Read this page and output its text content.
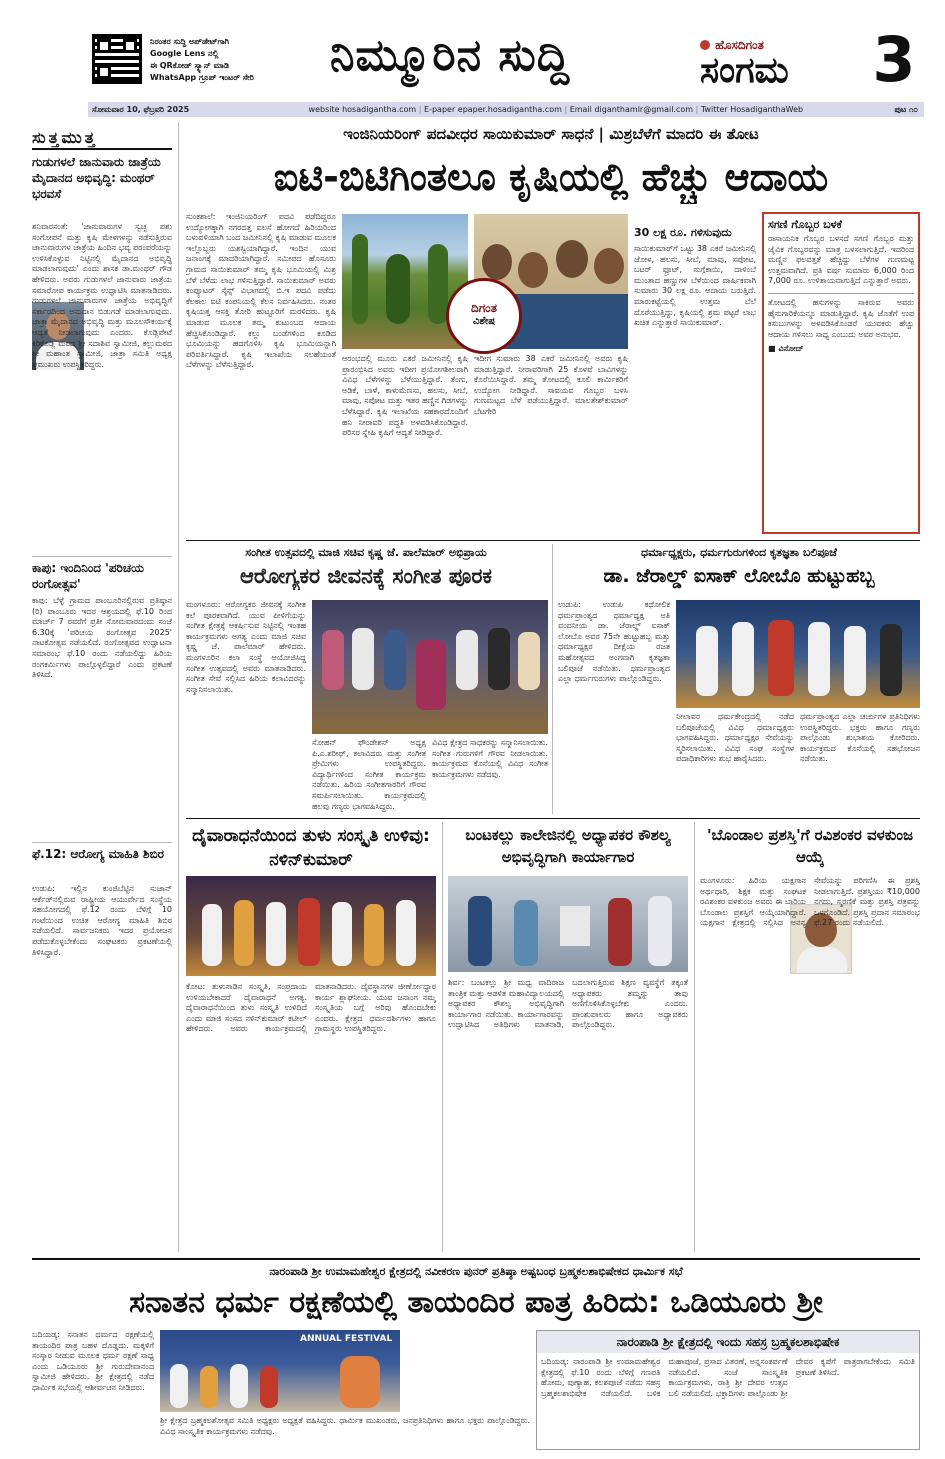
ನಿರಂತರ ಸುದ್ದಿ ಅಪ್‌ಡೇಟ್‌ಗಾಗಿ
Google Lens ನಲ್ಲಿ
ಈ QRಕೋಡ್ ಸ್ಕ್ಯಾನ್ ಮಾಡಿ
WhatsApp ಗ್ರೂಪ್ ಇಂಟರ್ ಸೇರಿ	ನಿಮ್ಮೂರಿನ ಸುದ್ದಿ	ಹೊಸದಿಗಂತ
ಸಂಗಮ 3
ಸೋಮವಾರ 10, ಫೆಬ್ರವರಿ 2025	website hosadigantha.com | E-paper epaper.hosadigantha.com | Email diganthamlr@gmail.com | Twitter HosadiganthaWeb	ಪುಟ ೧೦
ಸುತ್ತಮುತ್ತ
ಗುಡುಗಳಲೆ ಜಾನುವಾರು ಜಾತ್ರೆಯ ಮೈದಾನದ ಅಭಿವೃದ್ಧಿ: ಮಂಥರ್ ಭರವಸೆ
ಶನಿವಾರಸಂತೆ: 'ಜಾನುವಾರುಗಳ ಸ್ವಚ್ಛ ಪಶು ಸಂಗೋಪನೆ ಮತ್ತು ಕೃಷಿ ಮೇಳಗಳನ್ನು ನಡೆಸುತ್ತಿರುವ ಜಾನುವಾರುಗಳ ಜಾತ್ರೆಯ ಹಿಂದಿನ ಭವ್ಯ ಪರಂಪರೆಯನ್ನು ಉಳಿಸಿಕೊಳ್ಳುವ ನಿಟ್ಟಿನಲ್ಲಿ ಮೈದಾನದ ಅಭಿವೃದ್ಧಿ ಮಾಡಲಾಗುವುದು' ಎಂದು ಶಾಸಕ ಡಾ.ಮಂಥರ್ ಗೌಡ ಹೇಳಿದರು. ಅವರು ಗುಡುಗಳಲೆ ಜಾನುವಾರು ಜಾತ್ರೆಯ ಸಮಾರೋಪ ಕಾರ್ಯಕ್ರಮ ಉದ್ಘಾಟಿಸಿ ಮಾತನಾಡಿದರು. ಗುಡುಗಳಲೆ ಜಾನುವಾರುಗಳ ಜಾತ್ರೆಯ ಅಭಿವೃದ್ಧಿಗೆ ಸರ್ಕಾರದಿಂದ ಅನುದಾನ ಬಿಡುಗಡೆ ಮಾಡಲಾಗುವುದು. ಜಾತ್ರಾ ಮೈದಾನದ ಅಭಿವೃದ್ಧಿ ಮತ್ತು ಮೂಲಸೌಕರ್ಯಕ್ಕೆ ಆದ್ಯತೆ ನೀಡಲಾಗುವುದು ಎಂದರು. ಕೊಡ್ಲಿಪೇಟೆ ಕಿರಿಕೊಡ್ಲಿ ಮಠದ ಶ್ರೀ ಸದಾಶಿವ ಸ್ವಾಮೀಜಿ, ಕಲ್ಲುಮಠದ ಶ್ರೀ ಮಹಾಂತ ಸ್ವಾಮೀಜಿ, ಜಾತ್ರಾ ಸಮಿತಿ ಅಧ್ಯಕ್ಷ ಪ್ರಮುಖರು ಉಪಸ್ಥಿತರಿದ್ದರು.
ಕಾಪು: ಇಂದಿನಿಂದ 'ಪರಿಚಯ ರಂಗೋತ್ಸವ'
ಕಾಪು: ಬೆಳ್ಳೆ ಗ್ರಾಮದ ಪಾಂಬೂರಿನಲ್ಲಿರುವ ಪ್ರತಿಷ್ಠಾನ (ರಿ) ಪಾಂಬೂರು ಇದರ ಆಶ್ರಯದಲ್ಲಿ ಫೆ.10 ರಿಂದ ಮಾರ್ಚ್ 7 ರವರೆಗೆ ಪ್ರತೀ ಸೋಮವಾರದಂದು ಸಂಜೆ 6.30ಕ್ಕೆ 'ಪರಿಚಯ ರಂಗೋತ್ಸವ 2025' ನಾಟಕೋತ್ಸವ ನಡೆಯಲಿದೆ. ರಂಗೋತ್ಸವದ ಉದ್ಘಾಟನಾ ಸಮಾರಂಭ ಫೆ.10 ರಂದು ನಡೆಯಲಿದ್ದು ಹಿರಿಯ ರಂಗಕರ್ಮಿಗಳು ಪಾಲ್ಗೊಳ್ಳಲಿದ್ದಾರೆ ಎಂದು ಪ್ರಕಟಣೆ ತಿಳಿಸಿದೆ.
ಫೆ.12: ಆರೋಗ್ಯ ಮಾಹಿತಿ ಶಿಬಿರ
ಉಡುಪಿ: ಇಲ್ಲಿನ ಕುಂಜಿಬೆಟ್ಟಿನ ಸುಜಾನ್ ಆರ್ಕೆಡ್‌ನಲ್ಲಿರುವ ರಾಷ್ಟ್ರೀಯ ಆಯುರ್ವೇದ ಸಂಸ್ಥೆಯ ಸಹಯೋಗದಲ್ಲಿ ಫೆ.12 ರಂದು ಬೆಳಿಗ್ಗೆ 10 ಗಂಟೆಯಿಂದ ಉಚಿತ ಆರೋಗ್ಯ ಮಾಹಿತಿ ಶಿಬಿರ ನಡೆಯಲಿದೆ. ಸಾರ್ವಜನಿಕರು ಇದರ ಪ್ರಯೋಜನ ಪಡೆದುಕೊಳ್ಳಬೇಕೆಂದು ಸಂಘಟಕರು ಪ್ರಕಟಣೆಯಲ್ಲಿ ತಿಳಿಸಿದ್ದಾರೆ.
ಇಂಜಿನಿಯರಿಂಗ್ ಪದವೀಧರ ಸಾಯಿಕುಮಾರ್ ಸಾಧನೆ | ಮಿಶ್ರಬೆಳೆಗೆ ಮಾದರಿ ಈ ತೋಟ
ಐಟಿ-ಬಿಟಿಗಿಂತಲೂ ಕೃಷಿಯಲ್ಲಿ ಹೆಚ್ಚು ಆದಾಯ
ಸುಂಕಶಾಲೆ: ಇಂಜಿನಿಯರಿಂಗ್ ಪದವಿ ಪಡೆದಿದ್ದರೂ ಉದ್ಯೋಗಕ್ಕಾಗಿ ನಗರದತ್ತ ವಲಸೆ ಹೋಗದೆ ಹಿರಿಯರಿಂದ ಬಳುವಳಿಯಾಗಿ ಬಂದ ಜಮೀನಿನಲ್ಲಿ ಕೃಷಿ ಮಾಡುವ ಮೂಲಕ ಇಲ್ಲೊಬ್ಬರು ಯಶಸ್ವಿಯಾಗಿದ್ದಾರೆ. ಇಂದಿನ ಯುವ ಜನಾಂಗಕ್ಕೆ ಮಾದರಿಯಾಗಿದ್ದಾರೆ. ಸಮೀಪದ ಹೊಸೂರು ಗ್ರಾಮದ ಸಾಯಿಕುಮಾರ್ ತಮ್ಮ ಕೃಷಿ ಭೂಮಿಯಲ್ಲಿ ಮಿಶ್ರ ಬೆಳೆ ಬೆಳೆದು ಲಾಭ ಗಳಿಸುತ್ತಿದ್ದಾರೆ. ಸಾಯಿಕುಮಾರ್ ಅವರು ಕಂಪ್ಯೂಟರ್ ಸೈನ್ಸ್ ವಿಭಾಗದಲ್ಲಿ ಬಿ.ಇ ಪದವಿ ಪಡೆದು ಕೆಲಕಾಲ ಐಟಿ ಕಂಪನಿಯಲ್ಲಿ ಕೆಲಸ ನಿರ್ವಹಿಸಿದರು. ನಂತರ ಕೃಷಿಯತ್ತ ಆಸಕ್ತಿ ತೋರಿ ಹುಟ್ಟೂರಿಗೆ ಮರಳಿದರು. ಕೃಷಿ ಮಾಡುವ ಮೂಲಕ ತಮ್ಮ ಕುಟುಂಬದ ಆದಾಯ ಹೆಚ್ಚಿಸಿಕೊಂಡಿದ್ದಾರೆ. ಕಲ್ಲು ಬಂಡೆಗಳಿಂದ ಕೂಡಿದ ಭೂಮಿಯನ್ನು ಹದಗೊಳಿಸಿ ಕೃಷಿ ಭೂಮಿಯನ್ನಾಗಿ ಪರಿವರ್ತಿಸಿದ್ದಾರೆ. ಕೃಷಿ ಇಲಾಖೆಯ ಸಲಹೆಯಂತೆ ಬೆಳೆಗಳನ್ನು ಬೆಳೆಸುತ್ತಿದ್ದಾರೆ.
ದಿಗಂತ
ವಿಶೇಷ
ಆರಂಭದಲ್ಲಿ ಮೂರು ಎಕರೆ ಜಮೀನಿನಲ್ಲಿ ಕೃಷಿ ಪ್ರಾರಂಭಿಸಿದ ಅವರು ಇದೀಗ ಪ್ರಯೋಗಶೀಲರಾಗಿ ವಿವಿಧ ಬೆಳೆಗಳನ್ನು ಬೆಳೆಯುತ್ತಿದ್ದಾರೆ. ತೆಂಗು, ಅಡಿಕೆ, ಬಾಳೆ, ಕಾಳುಮೆಣಸು, ಹಲಸು, ಸೀಬೆ, ಮಾವು, ಸಪೋಟ ಮತ್ತು ಇತರ ಹಣ್ಣಿನ ಗಿಡಗಳನ್ನು ಬೆಳೆಸಿದ್ದಾರೆ. ಕೃಷಿ ಇಲಾಖೆಯ ಸಹಕಾರದೊಂದಿಗೆ ಹನಿ ನೀರಾವರಿ ಪದ್ಧತಿ ಅಳವಡಿಸಿಕೊಂಡಿದ್ದಾರೆ. ಪರಿಸರ ಸ್ನೇಹಿ ಕೃಷಿಗೆ ಆದ್ಯತೆ ನೀಡಿದ್ದಾರೆ.
ಇದೀಗ ಸುಮಾರು 38 ಎಕರೆ ಜಮೀನಿನಲ್ಲಿ ಅವರು ಕೃಷಿ ಮಾಡುತ್ತಿದ್ದಾರೆ. ನೀರಾವರಿಗಾಗಿ 25 ಕೊಳವೆ ಬಾವಿಗಳನ್ನು ಕೊರೆಯಿಸಿದ್ದಾರೆ. ತಮ್ಮ ತೋಟದಲ್ಲಿ ಕೂಲಿ ಕಾರ್ಮಿಕರಿಗೆ ಉದ್ಯೋಗ ನೀಡಿದ್ದಾರೆ. ಸಾವಯವ ಗೊಬ್ಬರ ಬಳಸಿ ಗುಣಮಟ್ಟದ ಬೆಳೆ ಪಡೆಯುತ್ತಿದ್ದಾರೆ. ಮಾಲತೇಶ್‌ಕುಮಾರ್ ಬೆಟಗೇರಿ
30 ಲಕ್ಷ ರೂ. ಗಳಿಸುವುದು
ಸಾಯಿಕುಮಾರ್‌ಗೆ ಒಟ್ಟು 38 ಎಕರೆ ಜಮೀನಿನಲ್ಲಿ ಜೋಳ, ಹಲಸು, ಸೀಬೆ, ಮಾವು, ಸಪೋಟ, ಬಟರ್ ಫ್ರೂಟ್, ನುಗ್ಗೆಕಾಯಿ, ದಾಳಿಂಬೆ ಮುಂತಾದ ಹಣ್ಣುಗಳ ಬೆಳೆಯಿಂದ ವಾರ್ಷಿಕವಾಗಿ ಸುಮಾರು 30 ಲಕ್ಷ ರೂ. ಆದಾಯ ಬರುತ್ತಿದೆ. ಮಾರುಕಟ್ಟೆಯಲ್ಲಿ ಉತ್ತಮ ಬೆಲೆ ದೊರೆಯುತ್ತಿದ್ದು, ಕೃಷಿಯಲ್ಲಿ ಶ್ರಮ ಪಟ್ಟರೆ ಲಾಭ ಖಚಿತ ಎನ್ನುತ್ತಾರೆ ಸಾಯಿಕುಮಾರ್.
ಸಗಣಿ ಗೊಬ್ಬರ ಬಳಕೆ
ರಾಸಾಯನಿಕ ಗೊಬ್ಬರ ಬಳಸದೆ ಸಗಣಿ ಗೊಬ್ಬರ ಮತ್ತು ಜೈವಿಕ ಗೊಬ್ಬರವನ್ನು ಮಾತ್ರ ಬಳಸಲಾಗುತ್ತಿದೆ. ಇದರಿಂದ ಮಣ್ಣಿನ ಫಲವತ್ತತೆ ಹೆಚ್ಚಿದ್ದು ಬೆಳೆಗಳ ಗುಣಮಟ್ಟ ಉತ್ತಮವಾಗಿದೆ. ಪ್ರತಿ ವರ್ಷ ಸುಮಾರು 6,000 ರಿಂದ 7,000 ರೂ. ಉಳಿತಾಯವಾಗುತ್ತಿದೆ ಎನ್ನುತ್ತಾರೆ ಅವರು.
ತೋಟದಲ್ಲಿ ಹಸುಗಳನ್ನು ಸಾಕಿರುವ ಅವರು ಹೈನುಗಾರಿಕೆಯನ್ನೂ ಮಾಡುತ್ತಿದ್ದಾರೆ. ಕೃಷಿ ಜೊತೆಗೆ ಉಪ ಕಸುಬುಗಳನ್ನು ಅಳವಡಿಸಿಕೊಂಡರೆ ಯುವಕರು ಹೆಚ್ಚು ಆದಾಯ ಗಳಿಸಲು ಸಾಧ್ಯ ಎಂಬುದು ಅವರ ಅನುಭವ.
■ ವಿನೋದ್
ಸಂಗೀತ ಉತ್ಸವದಲ್ಲಿ ಮಾಜಿ ಸಚಿವ ಕೃಷ್ಣ ಜೆ. ಪಾಲೆಮಾರ್ ಅಭಿಪ್ರಾಯ
ಆರೋಗ್ಯಕರ ಜೀವನಕ್ಕೆ ಸಂಗೀತ ಪೂರಕ
ಮಂಗಳೂರು: ಆರೋಗ್ಯಕರ ಜೀವನಕ್ಕೆ ಸಂಗೀತ ಕಲೆ ಪೂರಕವಾಗಿದೆ. ಯುವ ಪೀಳಿಗೆಯನ್ನು ಸಂಗೀತ ಕ್ಷೇತ್ರಕ್ಕೆ ಆಕರ್ಷಿಸುವ ನಿಟ್ಟಿನಲ್ಲಿ ಇಂತಹ ಕಾರ್ಯಕ್ರಮಗಳು ಅಗತ್ಯ ಎಂದು ಮಾಜಿ ಸಚಿವ ಕೃಷ್ಣ ಜೆ. ಪಾಲೆಮಾರ್ ಹೇಳಿದರು. ಮಂಗಳೂರಿನ ಕಲಾ ಸಂಸ್ಥೆ ಆಯೋಜಿಸಿದ್ದ ಸಂಗೀತ ಉತ್ಸವದಲ್ಲಿ ಅವರು ಮಾತನಾಡಿದರು. ಸಂಗೀತ ಸೇವೆ ಸಲ್ಲಿಸಿದ ಹಿರಿಯ ಕಲಾವಿದರನ್ನು ಸನ್ಮಾನಿಸಲಾಯಿತು.
ಸೋಹನ್ ಫೌಂಡೇಶನ್ ಅಧ್ಯಕ್ಷ ಪಿ.ಎ.ಶರೀಫ್, ಕಲಾವಿದರು ಮತ್ತು ಸಂಗೀತ ಪ್ರೇಮಿಗಳು ಉಪಸ್ಥಿತರಿದ್ದರು. ವಿದ್ಯಾರ್ಥಿಗಳಿಂದ ಸಂಗೀತ ಕಾರ್ಯಕ್ರಮ ನಡೆಯಿತು. ಹಿರಿಯ ಸಂಗೀತಗಾರರಿಗೆ ಗೌರವ ಸಮರ್ಪಿಸಲಾಯಿತು. ಕಾರ್ಯಕ್ರಮದಲ್ಲಿ ಹಲವು ಗಣ್ಯರು ಭಾಗವಹಿಸಿದ್ದರು.
ವಿವಿಧ ಕ್ಷೇತ್ರದ ಸಾಧಕರನ್ನು ಸನ್ಮಾನಿಸಲಾಯಿತು. ಸಂಗೀತ ಗುರುಗಳಿಗೆ ಗೌರವ ನೀಡಲಾಯಿತು. ಕಾರ್ಯಕ್ರಮದ ಕೊನೆಯಲ್ಲಿ ವಿವಿಧ ಸಂಗೀತ ಕಾರ್ಯಕ್ರಮಗಳು ನಡೆದವು.
ಧರ್ಮಾಧ್ಯಕ್ಷರು, ಧರ್ಮಗುರುಗಳಿಂದ ಕೃತಜ್ಞತಾ ಬಲಿಪೂಜೆ
ಡಾ. ಜೆರಾಲ್ಡ್ ಐಸಾಕ್ ಲೋಬೊ ಹುಟ್ಟುಹಬ್ಬ
ಉಡುಪಿ: ಉಡುಪಿ ಕಥೋಲಿಕ ಧರ್ಮಪ್ರಾಂತ್ಯದ ಧರ್ಮಾಧ್ಯಕ್ಷ ಅತಿ ವಂದನೀಯ ಡಾ. ಜೆರಾಲ್ಡ್ ಐಸಾಕ್ ಲೋಬೊ ಅವರ 75ನೇ ಹುಟ್ಟುಹಬ್ಬ ಮತ್ತು ಧರ್ಮಾಧ್ಯಕ್ಷರ ದೀಕ್ಷೆಯ ರಜತ ಮಹೋತ್ಸವದ ಅಂಗವಾಗಿ ಕೃತಜ್ಞತಾ ಬಲಿಪೂಜೆ ನಡೆಯಿತು. ಧರ್ಮಪ್ರಾಂತ್ಯದ ಎಲ್ಲಾ ಧರ್ಮಗುರುಗಳು ಪಾಲ್ಗೊಂಡಿದ್ದರು.
ನೀಲಾವರ ಧರ್ಮಕೇಂದ್ರದಲ್ಲಿ ನಡೆದ ಬಲಿಪೂಜೆಯಲ್ಲಿ ವಿವಿಧ ಧರ್ಮಾಧ್ಯಕ್ಷರು ಭಾಗವಹಿಸಿದ್ದರು. ಧರ್ಮಾಧ್ಯಕ್ಷರ ಸೇವೆಯನ್ನು ಸ್ಮರಿಸಲಾಯಿತು. ವಿವಿಧ ಸಂಘ ಸಂಸ್ಥೆಗಳ ಪದಾಧಿಕಾರಿಗಳು ಶುಭ ಹಾರೈಸಿದರು.
ಧರ್ಮಪ್ರಾಂತ್ಯದ ಎಲ್ಲಾ ಚರ್ಚುಗಳ ಪ್ರತಿನಿಧಿಗಳು ಉಪಸ್ಥಿತರಿದ್ದರು. ಭಕ್ತರು ಹಾಗೂ ಗಣ್ಯರು ಪಾಲ್ಗೊಂಡು ಶುಭಾಶಯ ಕೋರಿದರು. ಕಾರ್ಯಕ್ರಮದ ಕೊನೆಯಲ್ಲಿ ಸಹಭೋಜನ ನಡೆಯಿತು.
ದೈವಾರಾಧನೆಯಿಂದ ತುಳು ಸಂಸ್ಕೃತಿ ಉಳಿವು: ನಳಿನ್‌ಕುಮಾರ್
ಕೋಟ: ತುಳುನಾಡಿನ ಸಂಸ್ಕೃತಿ, ಸಂಪ್ರದಾಯ ಉಳಿಯಬೇಕಾದರೆ ದೈವಾರಾಧನೆ ಅಗತ್ಯ. ದೈವಾರಾಧನೆಯಿಂದ ತುಳು ಸಂಸ್ಕೃತಿ ಉಳಿದಿದೆ ಎಂದು ಮಾಜಿ ಸಂಸದ ನಳಿನ್‌ಕುಮಾರ್ ಕಟೀಲ್ ಹೇಳಿದರು. ಅವರು ಕಾರ್ಯಕ್ರಮದಲ್ಲಿ ಮಾತನಾಡಿದರು. ದೈವಸ್ಥಾನಗಳ ಜೀರ್ಣೋದ್ಧಾರ ಕಾರ್ಯ ಶ್ಲಾಘನೀಯ. ಯುವ ಜನಾಂಗ ನಮ್ಮ ಸಂಸ್ಕೃತಿಯ ಬಗ್ಗೆ ಅರಿವು ಹೊಂದಬೇಕು ಎಂದರು. ಕ್ಷೇತ್ರದ ಧರ್ಮದರ್ಶಿಗಳು ಹಾಗೂ ಗ್ರಾಮಸ್ಥರು ಉಪಸ್ಥಿತರಿದ್ದರು.
ಬಂಟಕಲ್ಲು ಕಾಲೇಜಿನಲ್ಲಿ ಅಧ್ಯಾಪಕರ ಕೌಶಲ್ಯ ಅಭಿವೃದ್ಧಿಗಾಗಿ ಕಾರ್ಯಾಗಾರ
ಶಿರ್ವ: ಬಂಟಕಲ್ಲು ಶ್ರೀ ಮಧ್ವ ವಾದಿರಾಜ ತಾಂತ್ರಿಕ ಮತ್ತು ಆಡಳಿತ ಮಹಾವಿದ್ಯಾಲಯದಲ್ಲಿ ಅಧ್ಯಾಪಕರ ಕೌಶಲ್ಯ ಅಭಿವೃದ್ಧಿಗಾಗಿ ಕಾರ್ಯಾಗಾರ ನಡೆಯಿತು. ಕಾರ್ಯಾಗಾರವನ್ನು ಉದ್ಘಾಟಿಸಿದ ಅತಿಥಿಗಳು ಮಾತನಾಡಿ, ಬದಲಾಗುತ್ತಿರುವ ಶಿಕ್ಷಣ ವ್ಯವಸ್ಥೆಗೆ ತಕ್ಕಂತೆ ಅಧ್ಯಾಪಕರು ತಮ್ಮನ್ನು ತಾವು ಅಣಿಗೊಳಿಸಿಕೊಳ್ಳಬೇಕು ಎಂದರು. ಪ್ರಾಂಶುಪಾಲರು ಹಾಗೂ ಅಧ್ಯಾಪಕರು ಪಾಲ್ಗೊಂಡಿದ್ದರು.
'ಬೊಂಡಾಲ ಪ್ರಶಸ್ತಿ'ಗೆ ರವಿಶಂಕರ ವಳಕುಂಜ ಆಯ್ಕೆ
ಮಂಗಳೂರು: ಹಿರಿಯ ಯಕ್ಷಗಾನ ಅರ್ಥಧಾರಿ, ಶಿಕ್ಷಕ ಮತ್ತು ಸಂಘಟಕ ರವಿಶಂಕರ ವಳಕುಂಜ ಅವರು ಈ ಬಾರಿಯ ಬೊಂಡಾಲ ಪ್ರಶಸ್ತಿಗೆ ಆಯ್ಕೆಯಾಗಿದ್ದಾರೆ. ಯಕ್ಷಗಾನ ಕ್ಷೇತ್ರದಲ್ಲಿ ಸಲ್ಲಿಸಿದ ಅನನ್ಯ ಸೇವೆಯನ್ನು ಪರಿಗಣಿಸಿ ಈ ಪ್ರಶಸ್ತಿ ನೀಡಲಾಗುತ್ತಿದೆ. ಪ್ರಶಸ್ತಿಯು ₹10,000 ನಗದು, ಸ್ಮರಣಿಕೆ ಮತ್ತು ಪ್ರಶಸ್ತಿ ಪತ್ರವನ್ನು ಒಳಗೊಂಡಿದೆ. ಪ್ರಶಸ್ತಿ ಪ್ರದಾನ ಸಮಾರಂಭ ಫೆ.27 ರಂದು ನಡೆಯಲಿದೆ.
ನಾರಂಪಾಡಿ ಶ್ರೀ ಉಮಾಮಹೇಶ್ವರ ಕ್ಷೇತ್ರದಲ್ಲಿ ನವೀಕರಣ ಪುನರ್ ಪ್ರತಿಷ್ಠಾ ಅಷ್ಟಬಂಧ ಬ್ರಹ್ಮಕಲಶಾಭಿಷೇಕದ ಧಾರ್ಮಿಕ ಸಭೆ
ಸನಾತನ ಧರ್ಮ ರಕ್ಷಣೆಯಲ್ಲಿ ತಾಯಂದಿರ ಪಾತ್ರ ಹಿರಿದು: ಒಡಿಯೂರು ಶ್ರೀ
ಬದಿಯಡ್ಕ: ಸನಾತನ ಧರ್ಮದ ರಕ್ಷಣೆಯಲ್ಲಿ ತಾಯಂದಿರ ಪಾತ್ರ ಬಹಳ ದೊಡ್ಡದು. ಮಕ್ಕಳಿಗೆ ಸಂಸ್ಕಾರ ನೀಡುವ ಮೂಲಕ ಧರ್ಮ ರಕ್ಷಣೆ ಸಾಧ್ಯ ಎಂದು ಒಡಿಯೂರು ಶ್ರೀ ಗುರುದೇವಾನಂದ ಸ್ವಾಮೀಜಿ ಹೇಳಿದರು. ಶ್ರೀ ಕ್ಷೇತ್ರದಲ್ಲಿ ನಡೆದ ಧಾರ್ಮಿಕ ಸಭೆಯಲ್ಲಿ ಆಶೀರ್ವಚನ ನೀಡಿದರು.
ANNUAL FESTIVAL
ಶ್ರೀ ಕ್ಷೇತ್ರದ ಬ್ರಹ್ಮಕಲಶೋತ್ಸವ ಸಮಿತಿ ಅಧ್ಯಕ್ಷರು ಅಧ್ಯಕ್ಷತೆ ವಹಿಸಿದ್ದರು. ಧಾರ್ಮಿಕ ಮುಖಂಡರು, ಜನಪ್ರತಿನಿಧಿಗಳು ಹಾಗೂ ಭಕ್ತರು ಪಾಲ್ಗೊಂಡಿದ್ದರು. ವಿವಿಧ ಸಾಂಸ್ಕೃತಿಕ ಕಾರ್ಯಕ್ರಮಗಳು ನಡೆದವು.
ನಾರಂಪಾಡಿ ಶ್ರೀ ಕ್ಷೇತ್ರದಲ್ಲಿ ಇಂದು ಸಹಸ್ರ ಬ್ರಹ್ಮಕಲಶಾಭಿಷೇಕ
ಬದಿಯಡ್ಕ: ನಾರಂಪಾಡಿ ಶ್ರೀ ಉಮಾಮಹೇಶ್ವರ ಕ್ಷೇತ್ರದಲ್ಲಿ ಫೆ.10 ರಂದು ಬೆಳಿಗ್ಗೆ ಗಣಪತಿ ಹೋಮ, ಪುಣ್ಯಾಹ, ಕಲಶಪೂಜೆ ನಡೆದು ಸಹಸ್ರ ಬ್ರಹ್ಮಕಲಶಾಭಿಷೇಕ ನಡೆಯಲಿದೆ. ಬಳಿಕ ಮಹಾಪೂಜೆ, ಪ್ರಸಾದ ವಿತರಣೆ, ಅನ್ನಸಂತರ್ಪಣೆ ನಡೆಯಲಿದೆ. ಸಂಜೆ ಸಾಂಸ್ಕೃತಿಕ ಕಾರ್ಯಕ್ರಮಗಳು, ರಾತ್ರಿ ಶ್ರೀ ದೇವರ ಉತ್ಸವ ಬಲಿ ನಡೆಯಲಿದೆ. ಭಕ್ತಾದಿಗಳು ಪಾಲ್ಗೊಂಡು ಶ್ರೀ ದೇವರ ಕೃಪೆಗೆ ಪಾತ್ರರಾಗಬೇಕೆಂದು ಸಮಿತಿ ಪ್ರಕಟಣೆ ತಿಳಿಸಿದೆ.
